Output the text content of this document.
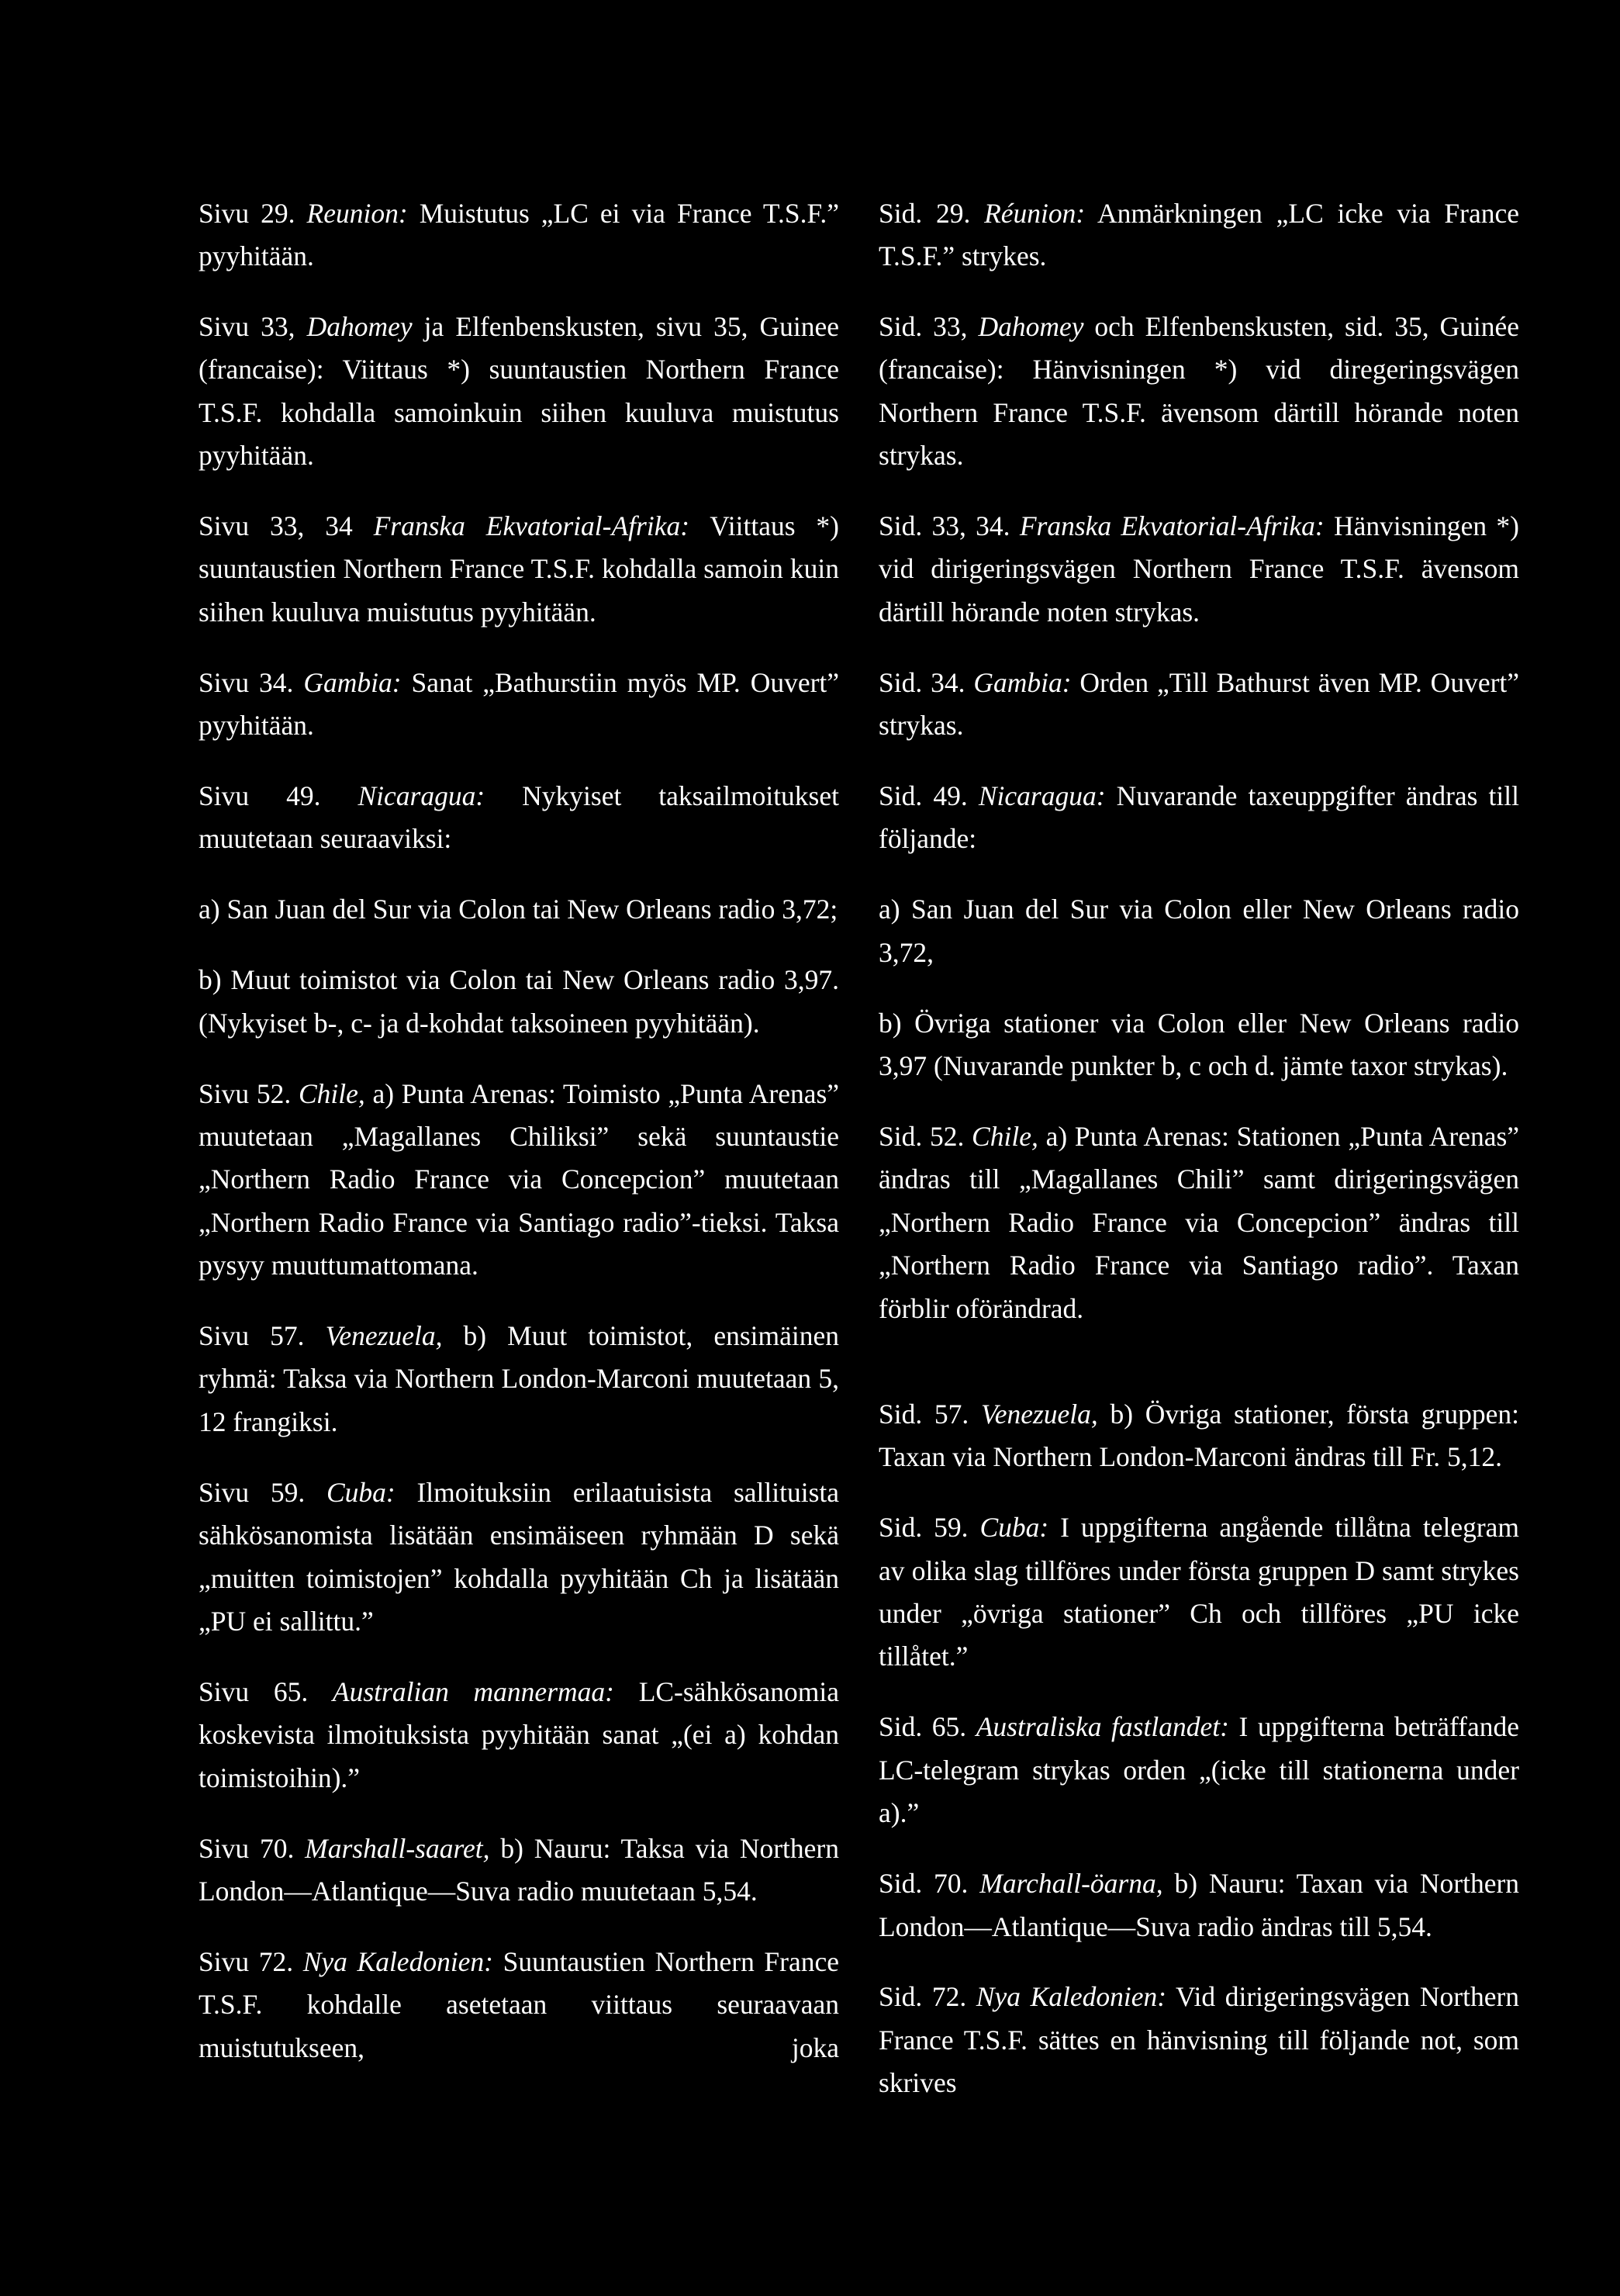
Sivu 29. Reunion: Muistutus „LC ei via France T.S.F.” pyyhitään.

Sivu 33, Dahomey ja Elfenbenskusten, sivu 35, Guinee (francaise): Viittaus *) suuntaustien Northern France T.S.F. kohdalla samoinkuin siihen kuuluva muistutus pyyhitään.

Sivu 33, 34 Franska Ekvatorial-Afrika: Viittaus *) suuntaustien Northern France T.S.F. kohdalla samoin kuin siihen kuuluva muistutus pyyhitään.

Sivu 34. Gambia: Sanat „Bathurstiin myös MP. Ouvert” pyyhitään.

Sivu 49. Nicaragua: Nykyiset taksailmoitukset muutetaan seuraaviksi:

a) San Juan del Sur via Colon tai New Orleans radio 3,72;

b) Muut toimistot via Colon tai New Orleans radio 3,97. (Nykyiset b-, c- ja d-kohdat taksoineen pyyhitään).

Sivu 52. Chile, a) Punta Arenas: Toimisto „Punta Arenas” muutetaan „Magallanes Chiliksi” sekä suuntaustie „Northern Radio France via Concepcion” muutetaan „Northern Radio France via Santiago radio”-tieksi. Taksa pysyy muuttumattomana.

Sivu 57. Venezuela, b) Muut toimistot, ensimäinen ryhmä: Taksa via Northern London-Marconi muutetaan 5, 12 frangiksi.

Sivu 59. Cuba: Ilmoituksiin erilaatuisista sallituista sähkösanomista lisätään ensimäiseen ryhmään D sekä „muitten toimistojen” kohdalla pyyhitään Ch ja lisätään „PU ei sallittu.”

Sivu 65. Australian mannermaa: LC-sähkösanomia koskevista ilmoituksista pyyhitään sanat „(ei a) kohdan toimistoihin).”

Sivu 70. Marshall-saaret, b) Nauru: Taksa via Northern London—Atlantique—Suva radio muutetaan 5,54.

Sivu 72. Nya Kaledonien: Suuntaustien Northern France T.S.F. kohdalle asetetaan viittaus seuraavaan muistutukseen, joka

Sid. 29. Réunion: Anmärkningen „LC icke via France T.S.F.” strykes.

Sid. 33, Dahomey och Elfenbenskusten, sid. 35, Guinée (francaise): Hänvisningen *) vid diregeringsvägen Northern France T.S.F. ävensom därtill hörande noten strykas.

Sid. 33, 34. Franska Ekvatorial-Afrika: Hänvisningen *) vid dirigeringsvägen Northern France T.S.F. ävensom därtill hörande noten strykas.

Sid. 34. Gambia: Orden „Till Bathurst även MP. Ouvert” strykas.

Sid. 49. Nicaragua: Nuvarande taxeuppgifter ändras till följande:

a) San Juan del Sur via Colon eller New Orleans radio 3,72,

b) Övriga stationer via Colon eller New Orleans radio 3,97 (Nuvarande punkter b, c och d. jämte taxor strykas).

Sid. 52. Chile, a) Punta Arenas: Stationen „Punta Arenas” ändras till „Magallanes Chili” samt dirigeringsvägen „Northern Radio France via Concepcion” ändras till „Northern Radio France via Santiago radio”. Taxan förblir oförändrad.

Sid. 57. Venezuela, b) Övriga stationer, första gruppen: Taxan via Northern London-Marconi ändras till Fr. 5,12.

Sid. 59. Cuba: I uppgifterna angående tillåtna telegram av olika slag tillföres under första gruppen D samt strykes under „övriga stationer” Ch och tillföres „PU icke tillåtet.”

Sid. 65. Australiska fastlandet: I uppgifterna beträffande LC-telegram strykas orden „(icke till stationerna under a).”

Sid. 70. Marchall-öarna, b) Nauru: Taxan via Northern London—Atlantique—Suva radio ändras till 5,54.

Sid. 72. Nya Kaledonien: Vid dirigeringsvägen Northern France T.S.F. sättes en hänvisning till följande not, som skrives
